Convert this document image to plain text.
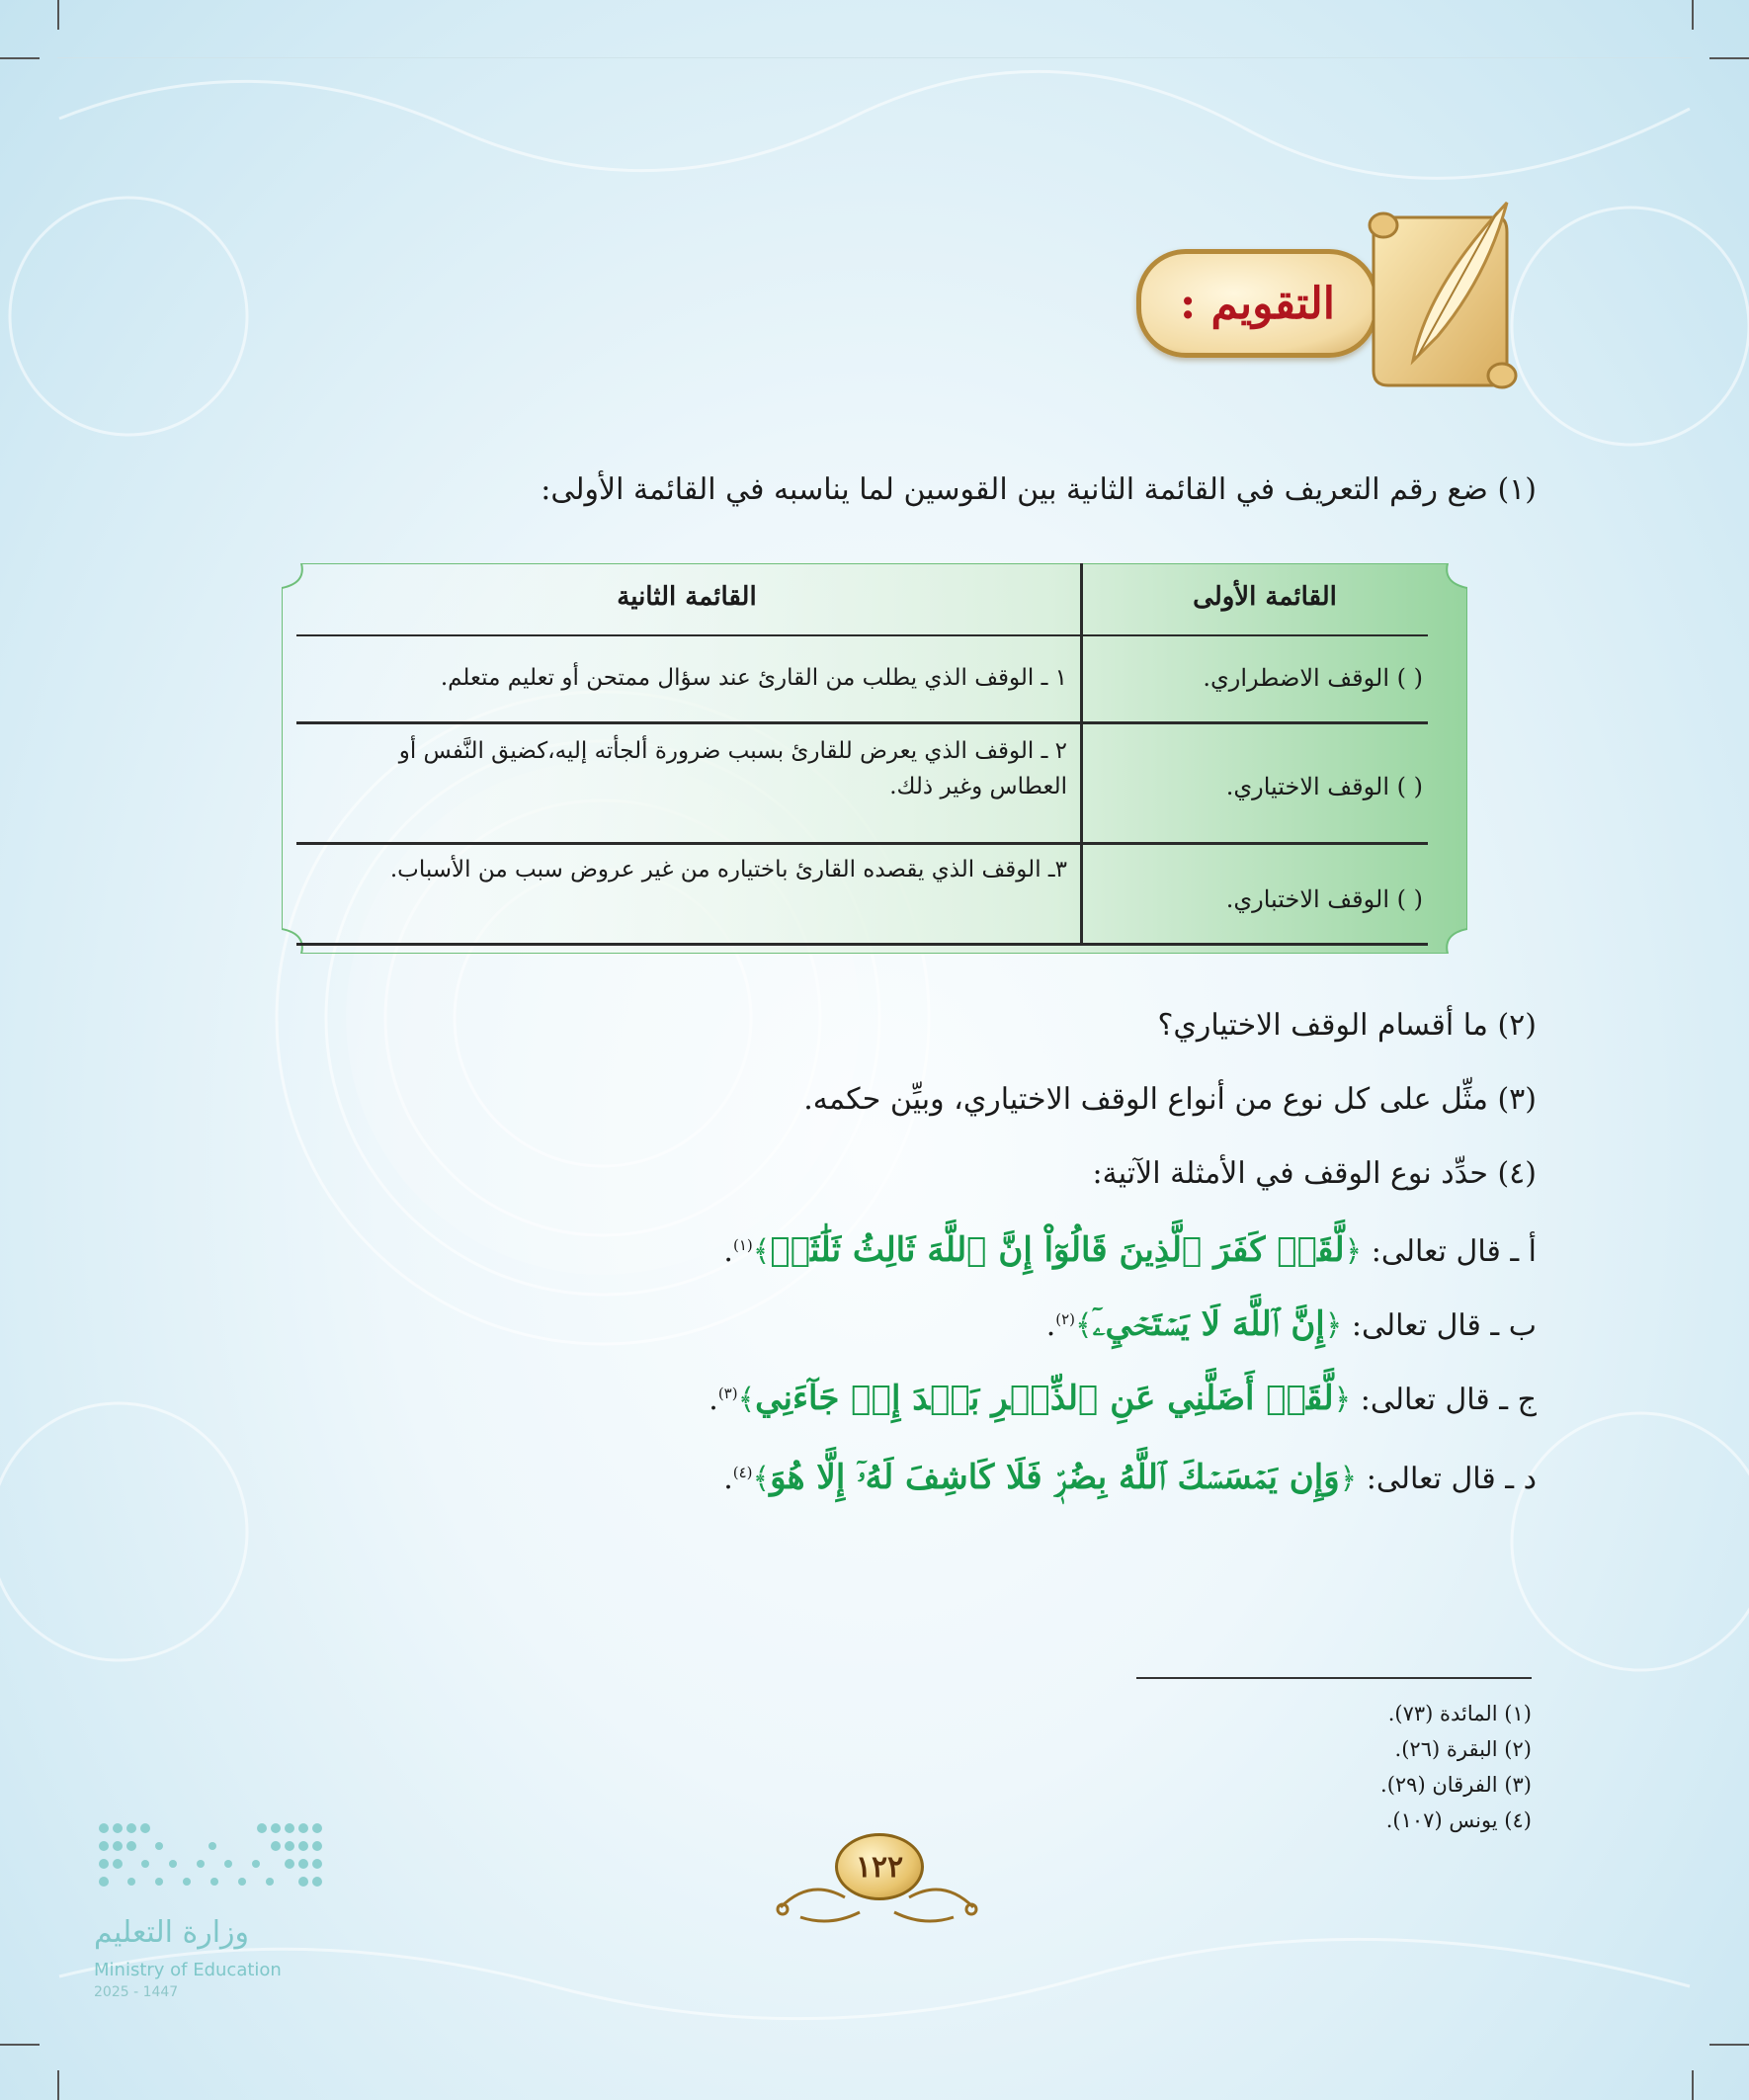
التقويم :
(١) ضع رقم التعريف في القائمة الثانية بين القوسين لما يناسبه في القائمة الأولى:
القائمة الأولى
القائمة الثانية
( ) الوقف الاضطراري.
١ ـ الوقف الذي يطلب من القارئ عند سؤال ممتحن أو تعليم متعلم.
( ) الوقف الاختياري.
٢ ـ الوقف الذي يعرض للقارئ بسبب ضرورة ألجأته إليه،كضيق النَّفس أو العطاس وغير ذلك.
( ) الوقف الاختباري.
٣ـ الوقف الذي يقصده القارئ باختياره من غير عروض سبب من الأسباب.
(٢) ما أقسام الوقف الاختياري؟
(٣) مثِّل على كل نوع من أنواع الوقف الاختياري، وبيِّن حكمه.
(٤) حدِّد نوع الوقف في الأمثلة الآتية:
أ ـ قال تعالى: ﴿لَّقَدۡ كَفَرَ ٱلَّذِينَ قَالُوٓاْ إِنَّ ٱللَّهَ ثَالِثُ ثَلَٰثَةٖ﴾$^{(١)}$.
ب ـ قال تعالى: ﴿إِنَّ ٱللَّهَ لَا يَسۡتَحۡيِۦٓ﴾$^{(٢)}$.
ج ـ قال تعالى: ﴿لَّقَدۡ أَضَلَّنِي عَنِ ٱلذِّكۡرِ بَعۡدَ إِذۡ جَآءَنِي﴾$^{(٣)}$.
د ـ قال تعالى: ﴿وَإِن يَمۡسَسۡكَ ٱللَّهُ بِضُرّٖ فَلَا كَاشِفَ لَهُۥٓ إِلَّا هُوَ﴾$^{(٤)}$.
(١) المائدة (٧٣).
(٢) البقرة (٢٦).
(٣) الفرقان (٢٩).
(٤) يونس (١٠٧).
١٢٢
وزارة التعليم
Ministry of Education
2025 - 1447
